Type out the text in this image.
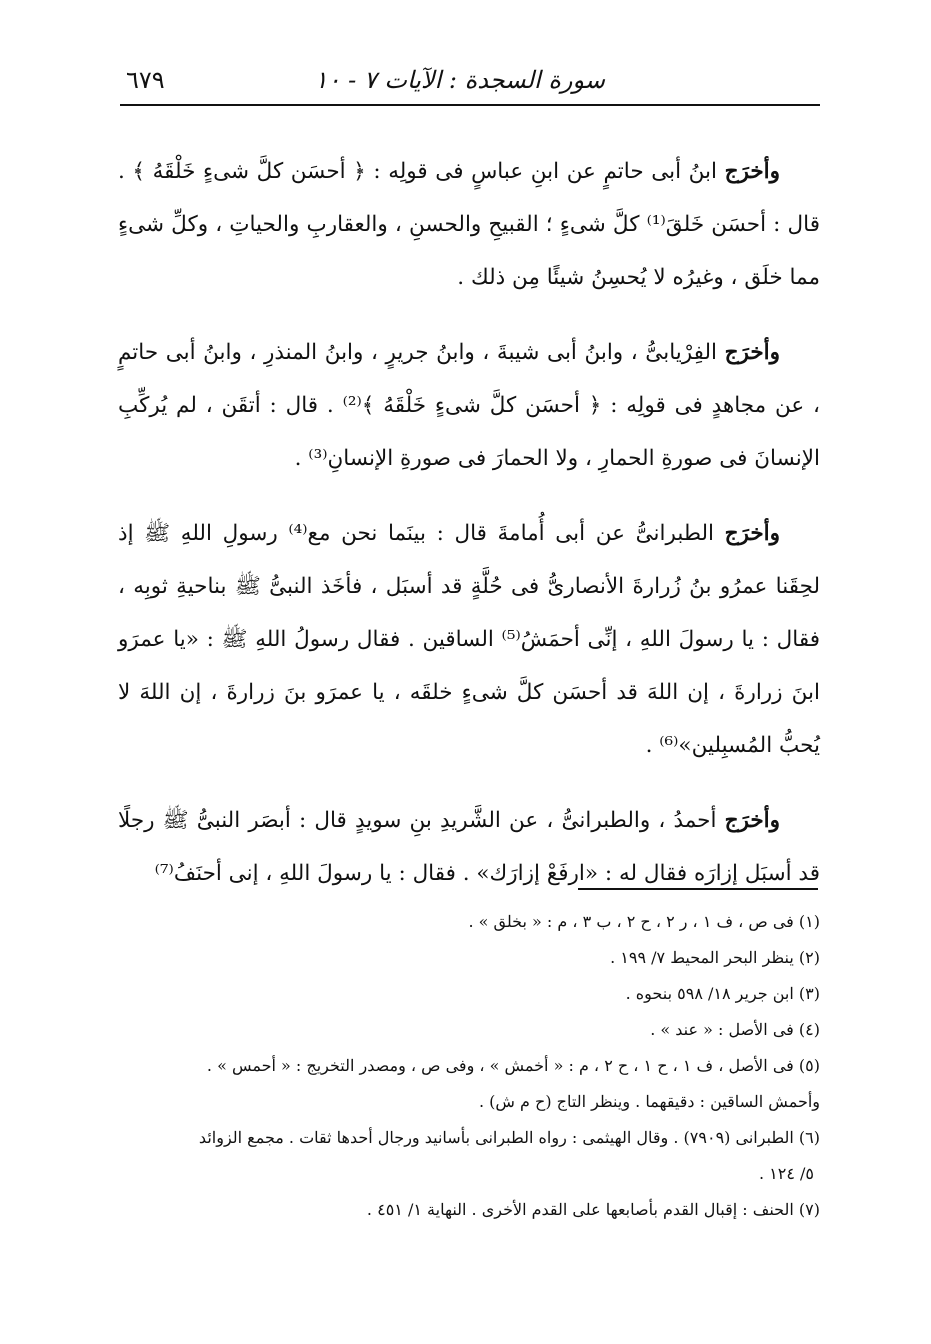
سورة السجدة : الآيات ٧ - ١٠
٦٧٩

وأخرَج ابنُ أبى حاتمٍ عن ابنِ عباسٍ فى قولِه : ﴿ أحسَن كلَّ شىءٍ خَلْقَهُ ﴾ . قال : أحسَن خَلقَ⁽¹⁾ كلَّ شىءٍ ؛ القبيحِ والحسنِ ، والعقاربِ والحياتِ ، وكلِّ شىءٍ مما خلَق ، وغيرُه لا يُحسِنُ شيئًا مِن ذلك .

وأخرَج الفِرْيابىُّ ، وابنُ أبى شيبةَ ، وابنُ جريرٍ ، وابنُ المنذرِ ، وابنُ أبى حاتمٍ ، عن مجاهدٍ فى قولِه : ﴿ أحسَن كلَّ شىءٍ خَلْقَهُ ﴾⁽²⁾ . قال : أتقَن ، لم يُركِّبِ الإنسانَ فى صورةِ الحمارِ ، ولا الحمارَ فى صورةِ الإنسانِ⁽³⁾ .

وأخرَج الطبرانىُّ عن أبى أُمامةَ قال : بينَما نحن مع⁽⁴⁾ رسولِ اللهِ ﷺ إذ لحِقَنا عمرُو بنُ زُرارةَ الأنصارىُّ فى حُلَّةٍ قد أسبَل ، فأخَذ النبىُّ ﷺ بناحيةِ ثوبِه ، فقال : يا رسولَ اللهِ ، إنِّى أحمَشُ⁽⁵⁾ الساقين . فقال رسولُ اللهِ ﷺ : «يا عمرَو ابنَ زرارةَ ، إن اللهَ قد أحسَن كلَّ شىءٍ خلقَه ، يا عمرَو بنَ زرارةَ ، إن اللهَ لا يُحبُّ المُسبِلين»⁽⁶⁾ .

وأخرَج أحمدُ ، والطبرانىُّ ، عن الشَّريدِ بنِ سويدٍ قال : أبصَر النبىُّ ﷺ رجلًا قد أسبَل إزارَه فقال له : «ارفَعْ إزارَك» . فقال : يا رسولَ اللهِ ، إنى أحنَفُ⁽⁷⁾

(١) فى ص ، ف ١ ، ر ٢ ، ح ٢ ، ب ٣ ، م : « بخلق » .

(٢) ينظر البحر المحيط ٧/ ١٩٩ .

(٣) ابن جرير ١٨/ ٥٩٨ بنحوه .

(٤) فى الأصل : « عند » .

(٥) فى الأصل ، ف ١ ، ح ١ ، ح ٢ ، م : « أخمش » ، وفى ص ، ومصدر التخريج : « أحمس » .

وأحمش الساقين : دقيقهما . وينظر التاج (ح م ش) .

(٦) الطبرانى (٧٩٠٩) . وقال الهيثمى : رواه الطبرانى بأسانيد ورجال أحدها ثقات . مجمع الزوائد

٥/ ١٢٤ .

(٧) الحنف : إقبال القدم بأصابعها على القدم الأخرى . النهاية ١/ ٤٥١ .
